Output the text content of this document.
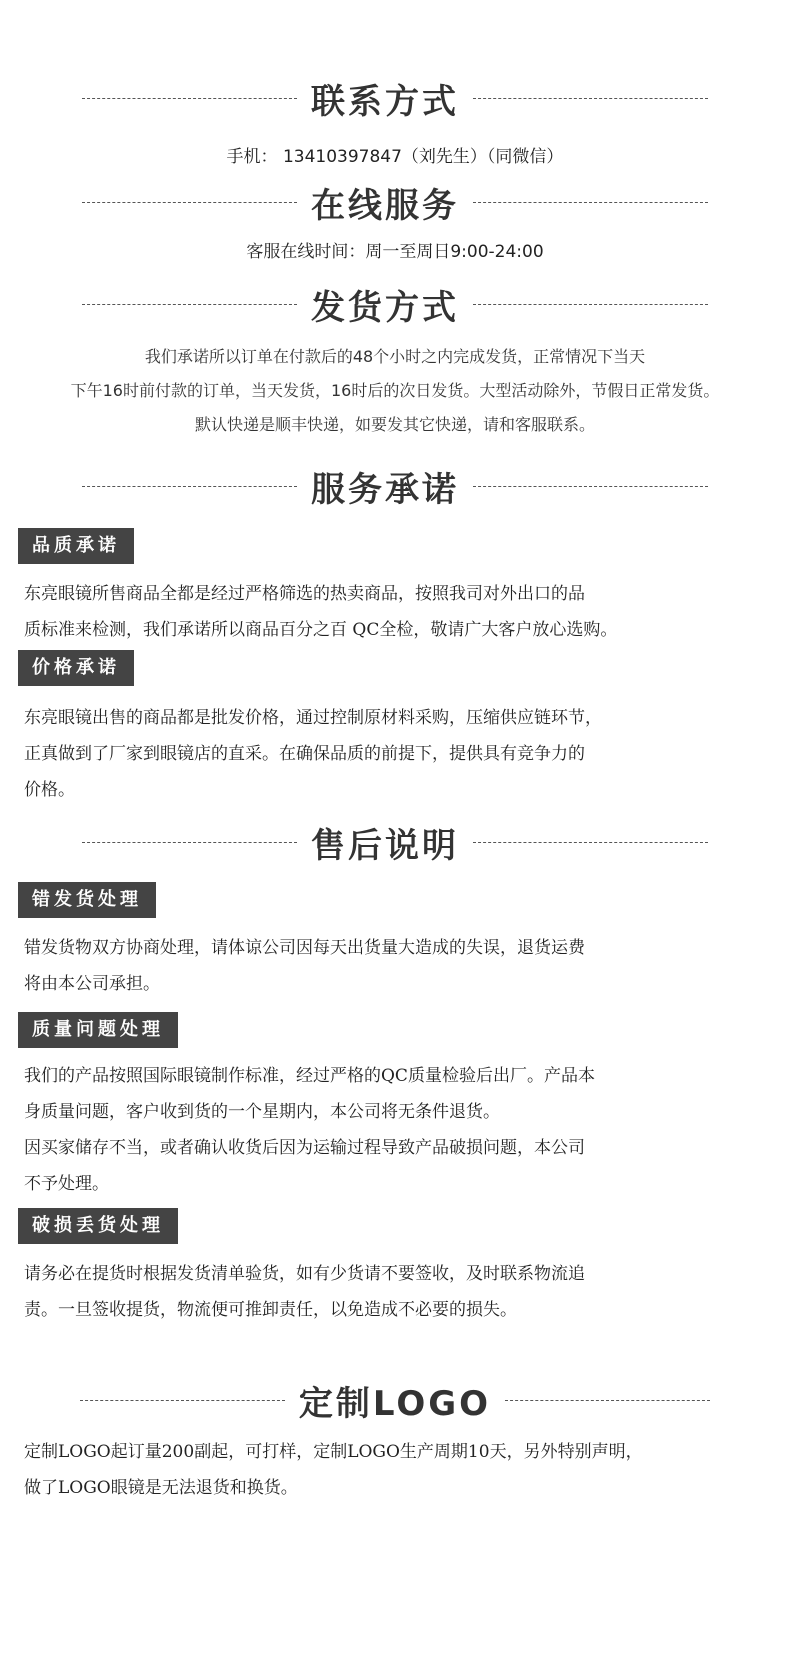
联系方式
手机： 13410397847（刘先生）（同微信）
在线服务
客服在线时间：周一至周日9:00-24:00
发货方式
我们承诺所以订单在付款后的48个小时之内完成发货，正常情况下当天
下午16时前付款的订单，当天发货，16时后的次日发货。大型活动除外，节假日正常发货。
默认快递是顺丰快递，如要发其它快递，请和客服联系。
服务承诺
品质承诺
东亮眼镜所售商品全都是经过严格筛选的热卖商品，按照我司对外出口的品
质标准来检测，我们承诺所以商品百分之百 QC全检，敬请广大客户放心选购。
价格承诺
东亮眼镜出售的商品都是批发价格，通过控制原材料采购，压缩供应链环节，
正真做到了厂家到眼镜店的直采。在确保品质的前提下，提供具有竞争力的
价格。
售后说明
错发货处理
错发货物双方协商处理，请体谅公司因每天出货量大造成的失误，退货运费
将由本公司承担。
质量问题处理
我们的产品按照国际眼镜制作标准，经过严格的QC质量检验后出厂。产品本
身质量问题，客户收到货的一个星期内，本公司将无条件退货。
因买家储存不当，或者确认收货后因为运输过程导致产品破损问题，本公司
不予处理。
破损丢货处理
请务必在提货时根据发货清单验货，如有少货请不要签收，及时联系物流追
责。一旦签收提货，物流便可推卸责任，以免造成不必要的损失。
定制LOGO
定制LOGO起订量200副起，可打样，定制LOGO生产周期10天，另外特别声明，
做了LOGO眼镜是无法退货和换货。
